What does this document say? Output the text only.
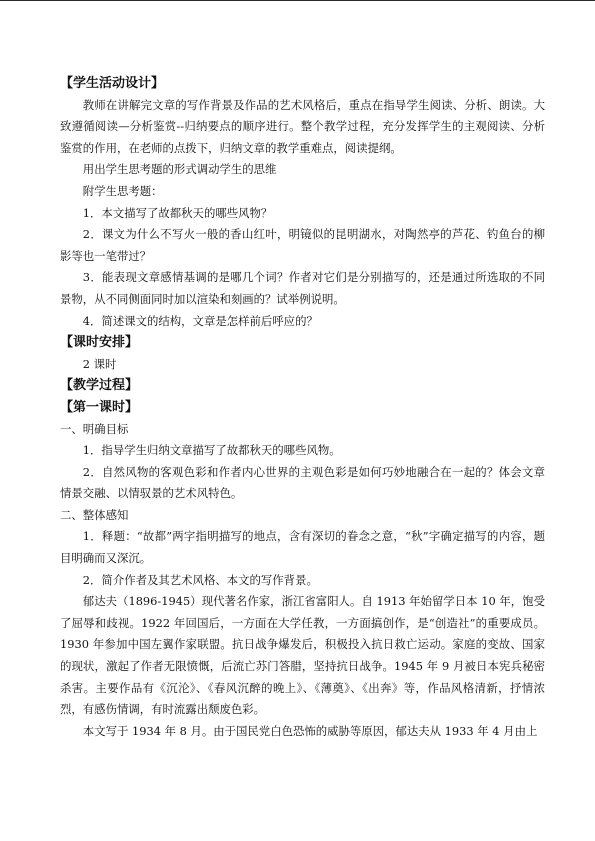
【学生活动设计】

教师在讲解完文章的写作背景及作品的艺术风格后，重点在指导学生阅读、分析、朗读。大致遵循阅读—分析鉴赏--归纳要点的顺序进行。整个教学过程，充分发挥学生的主观阅读、分析鉴赏的作用，在老师的点拨下，归纳文章的教学重难点，阅读提纲。

用出学生思考题的形式调动学生的思维

附学生思考题：

1．本文描写了故都秋天的哪些风物？

2．课文为什么不写火一般的香山红叶，明镜似的昆明湖水，对陶然亭的芦花、钓鱼台的柳影等也一笔带过？

3．能表现文章感情基调的是哪几个词？作者对它们是分别描写的，还是通过所选取的不同景物，从不同侧面同时加以渲染和刻画的？试举例说明。

4．简述课文的结构，文章是怎样前后呼应的？

【课时安排】

2 课时

【教学过程】

【第一课时】

一、明确目标

1．指导学生归纳文章描写了故都秋天的哪些风物。

2．自然风物的客观色彩和作者内心世界的主观色彩是如何巧妙地融合在一起的？体会文章情景交融、以情驭景的艺术风特色。

二、整体感知

1．释题：“故都”两字指明描写的地点，含有深切的眷念之意，“秋”字确定描写的内容，题目明确而又深沉。

2．简介作者及其艺术风格、本文的写作背景。

郁达夫（1896-1945）现代著名作家，浙江省富阳人。自 1913 年始留学日本 10 年，饱受了屈辱和歧视。1922 年回国后，一方面在大学任教，一方面搞创作，是“创造社”的重要成员。1930 年参加中国左翼作家联盟。抗日战争爆发后，积极投入抗日救亡运动。家庭的变故、国家的现状，激起了作者无限愤慨，后流亡苏门答腊，坚持抗日战争。1945 年 9 月被日本宪兵秘密杀害。主要作品有《沉沦》、《春风沉醉的晚上》、《薄奠》、《出奔》等，作品风格清新，抒情浓烈，有感伤情调，有时流露出颓废色彩。

本文写于 1934 年 8 月。由于国民党白色恐怖的威胁等原因，郁达夫从 1933 年 4 月由上
